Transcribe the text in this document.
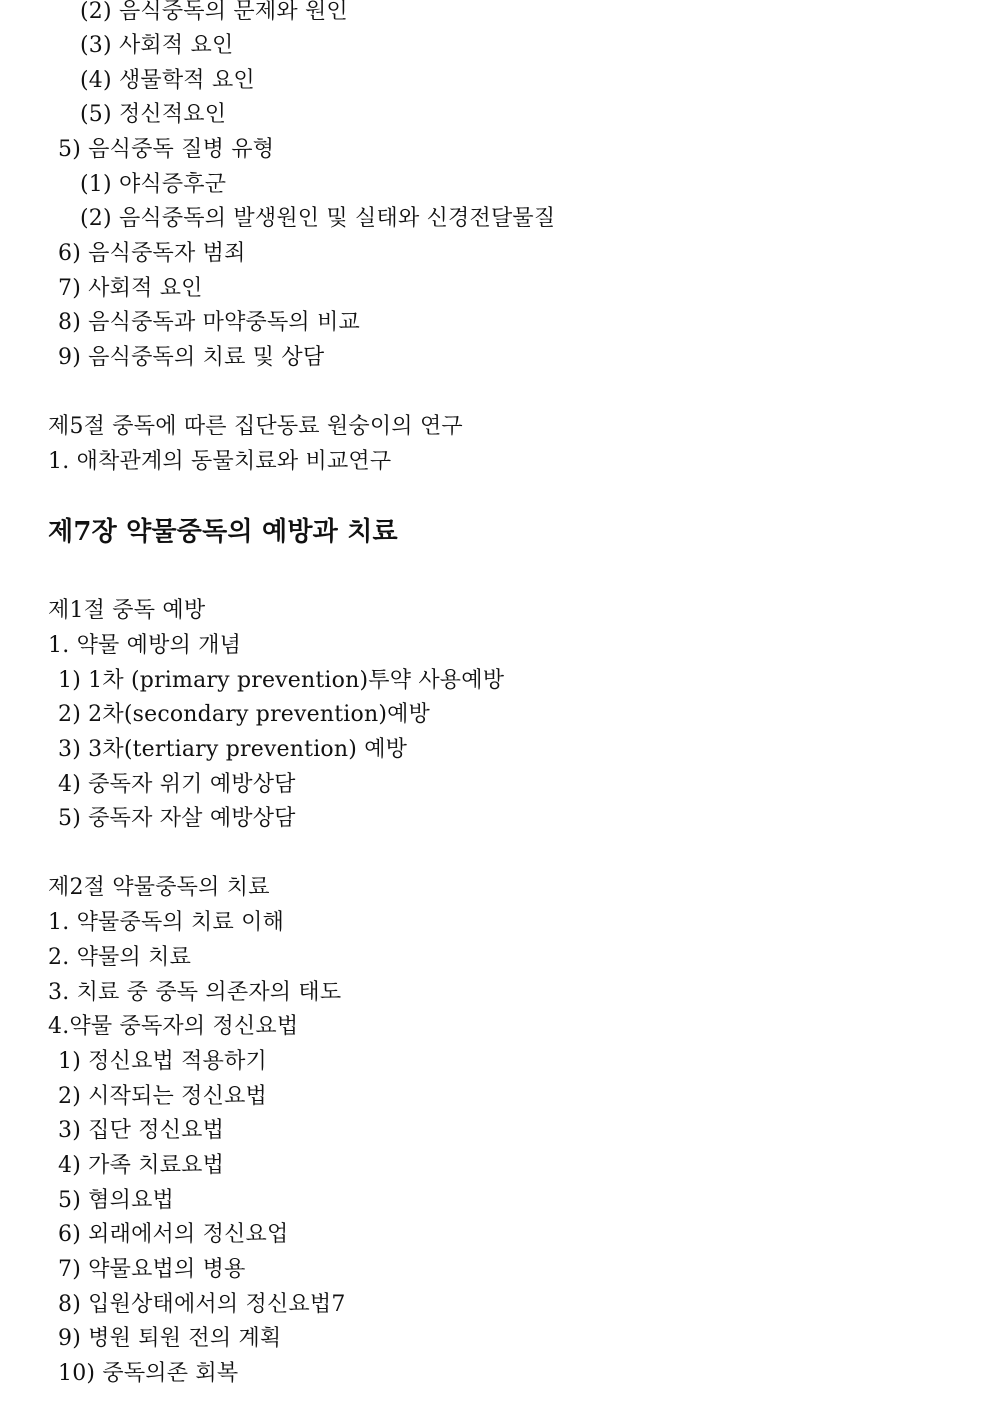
(2) 음식중독의 문제와 원인
(3) 사회적 요인
(4) 생물학적 요인
(5) 정신적요인
5) 음식중독 질병 유형
(1) 야식증후군
(2) 음식중독의 발생원인 및 실태와 신경전달물질
6) 음식중독자 범죄
7) 사회적 요인
8) 음식중독과 마약중독의 비교
9) 음식중독의 치료 및 상담
제5절 중독에 따른 집단동료 원숭이의 연구
1. 애착관계의 동물치료와 비교연구
제7장 약물중독의 예방과 치료
제1절 중독 예방
1. 약물 예방의 개념
1) 1차 (primary prevention)투약 사용예방
2) 2차(secondary prevention)예방
3) 3차(tertiary prevention) 예방
4) 중독자 위기 예방상담
5) 중독자 자살 예방상담
제2절 약물중독의 치료
1. 약물중독의 치료 이해
2. 약물의 치료
3. 치료 중 중독 의존자의 태도
4.약물 중독자의 정신요법
1) 정신요법 적용하기
2) 시작되는 정신요법
3) 집단 정신요법
4) 가족 치료요법
5) 혐의요법
6) 외래에서의 정신요업
7) 약물요법의 병용
8) 입원상태에서의 정신요법7
9) 병원 퇴원 전의 계획
10) 중독의존 회복
